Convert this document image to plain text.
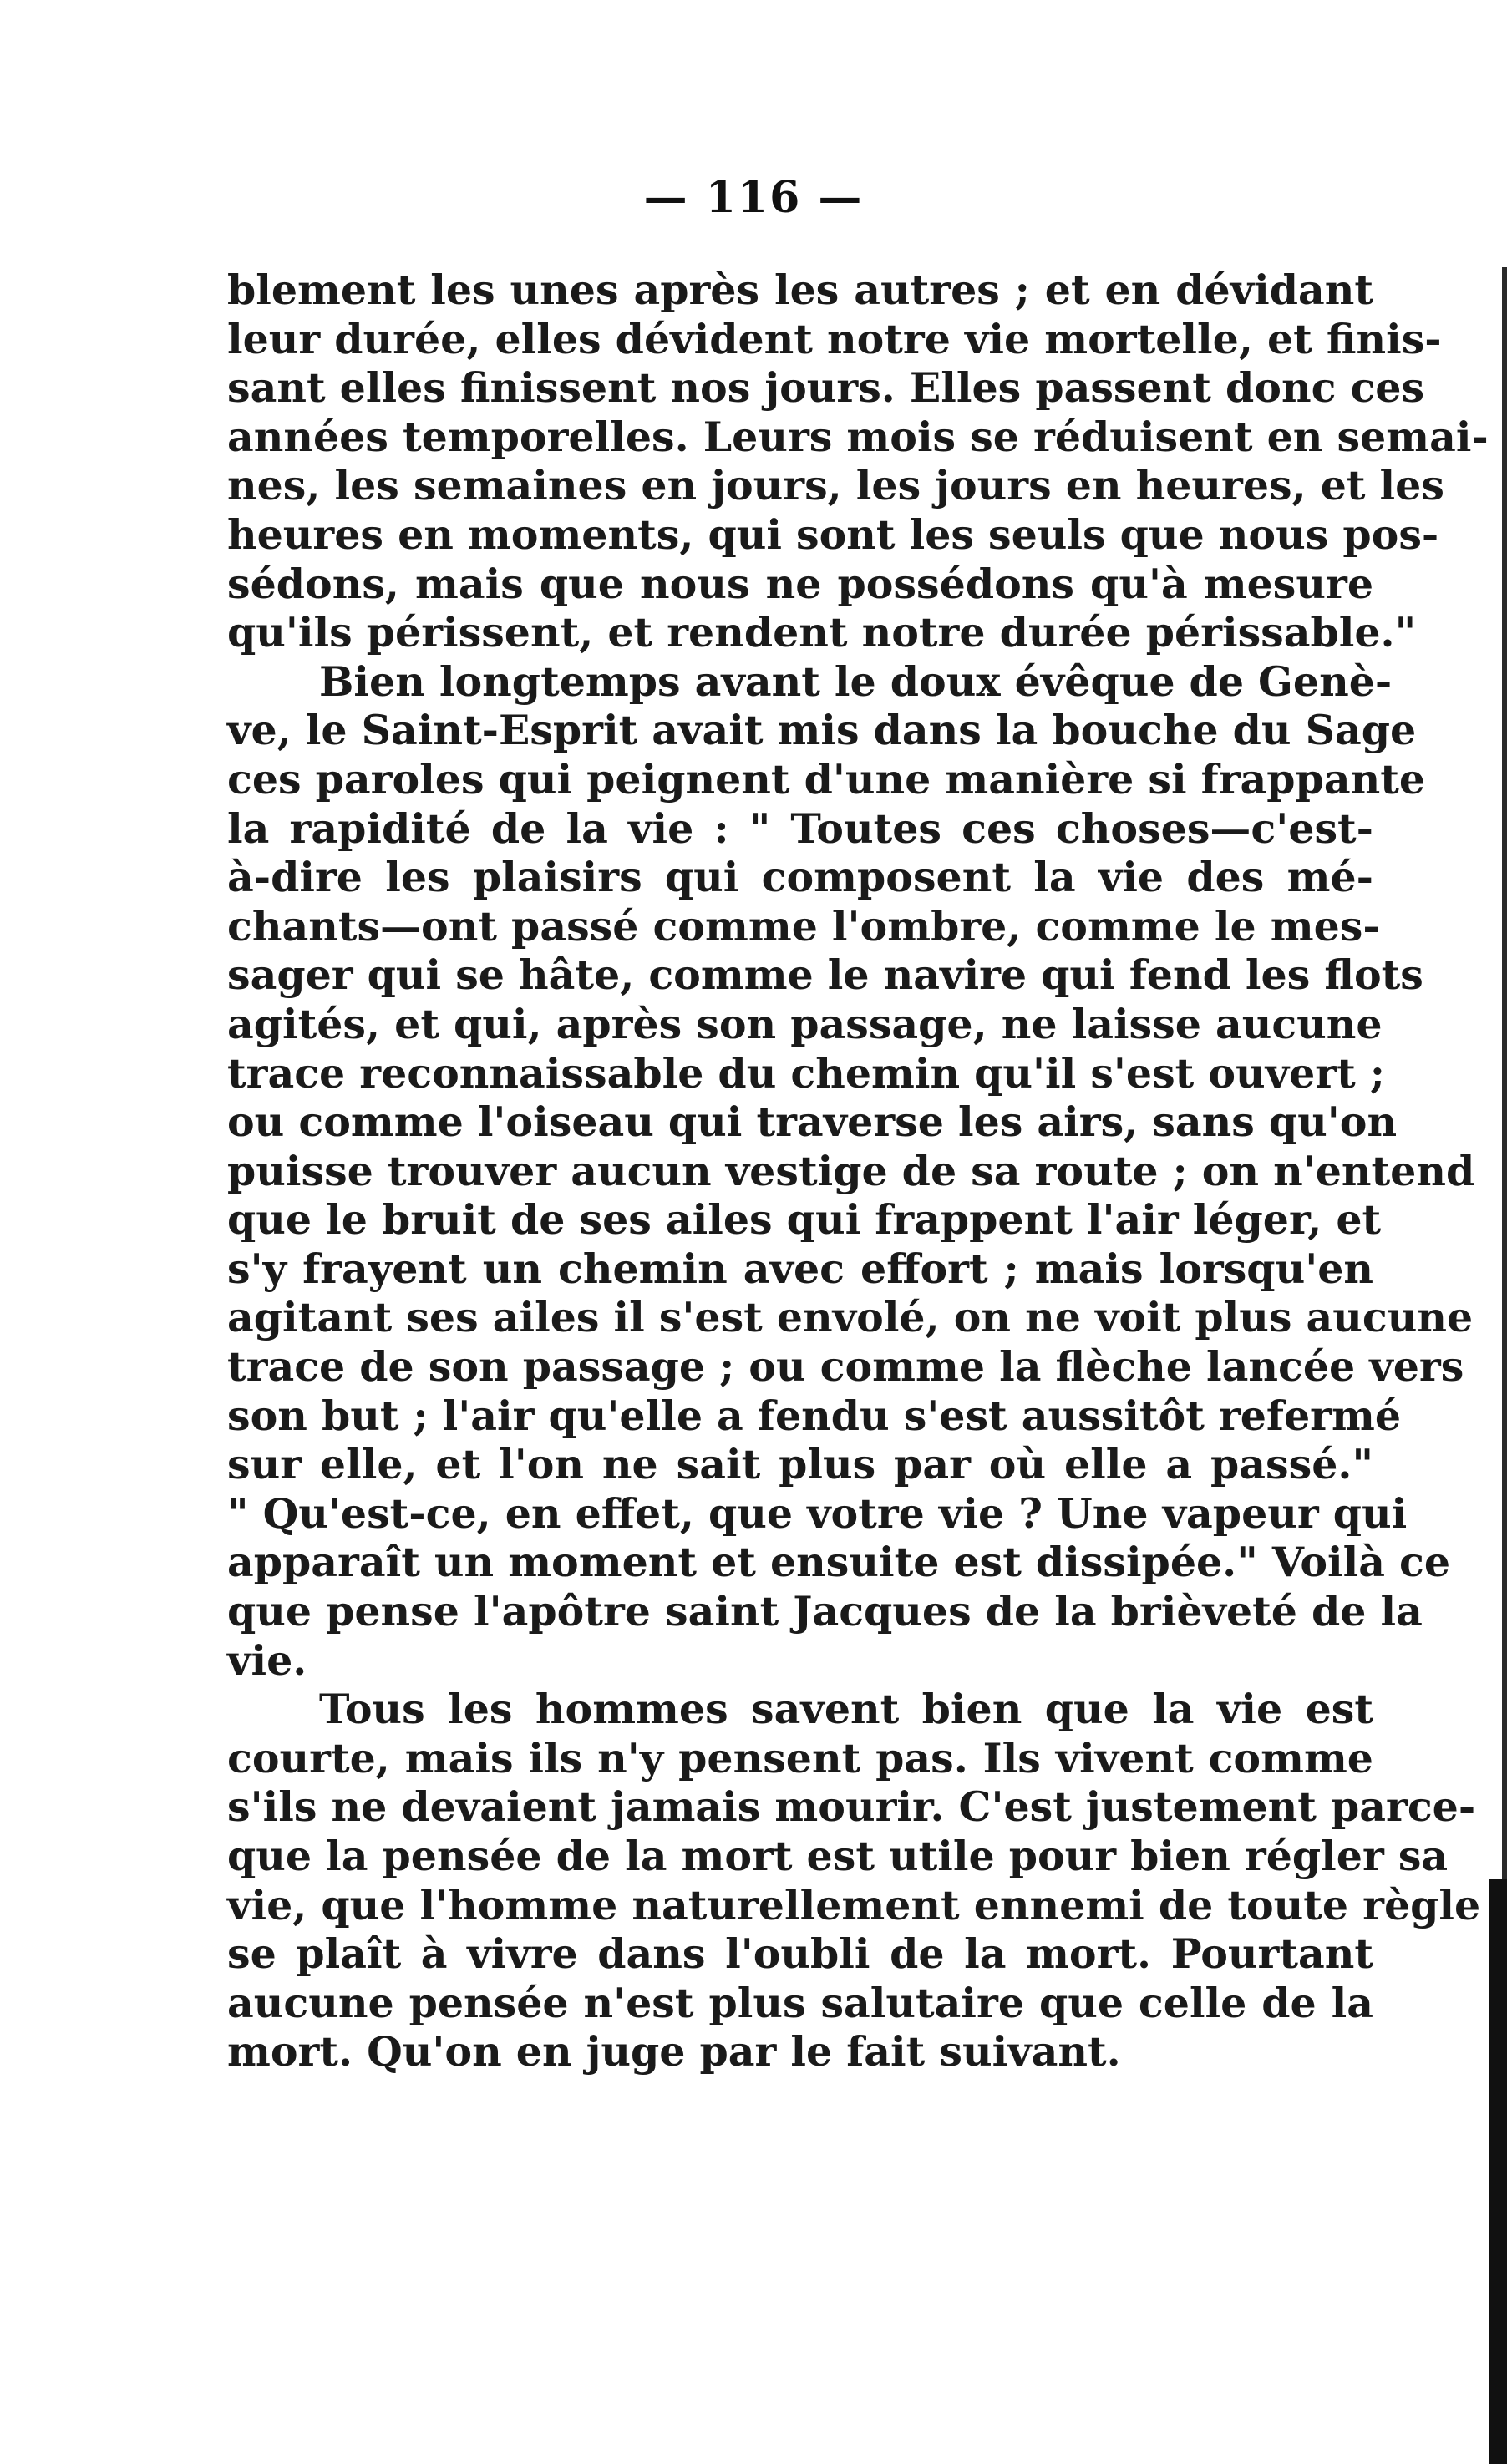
— 116 —
blement les unes après les autres ; et en dévidant
leur durée, elles dévident notre vie mortelle, et finis-
sant elles finissent nos jours. Elles passent donc ces
années temporelles. Leurs mois se réduisent en semai-
nes, les semaines en jours, les jours en heures, et les
heures en moments, qui sont les seuls que nous pos-
sédons, mais que nous ne possédons qu'à mesure
qu'ils périssent, et rendent notre durée périssable."
Bien longtemps avant le doux évêque de Genè-
ve, le Saint-Esprit avait mis dans la bouche du Sage
ces paroles qui peignent d'une manière si frappante
la rapidité de la vie : " Toutes ces choses—c'est-
à-dire les plaisirs qui composent la vie des mé-
chants—ont passé comme l'ombre, comme le mes-
sager qui se hâte, comme le navire qui fend les flots
agités, et qui, après son passage, ne laisse aucune
trace reconnaissable du chemin qu'il s'est ouvert ;
ou comme l'oiseau qui traverse les airs, sans qu'on
puisse trouver aucun vestige de sa route ; on n'entend
que le bruit de ses ailes qui frappent l'air léger, et
s'y frayent un chemin avec effort ; mais lorsqu'en
agitant ses ailes il s'est envolé, on ne voit plus aucune
trace de son passage ; ou comme la flèche lancée vers
son but ; l'air qu'elle a fendu s'est aussitôt refermé
sur elle, et l'on ne sait plus par où elle a passé."
" Qu'est-ce, en effet, que votre vie ? Une vapeur qui
apparaît un moment et ensuite est dissipée." Voilà ce
que pense l'apôtre saint Jacques de la brièveté de la
vie.
Tous les hommes savent bien que la vie est
courte, mais ils n'y pensent pas. Ils vivent comme
s'ils ne devaient jamais mourir. C'est justement parce-
que la pensée de la mort est utile pour bien régler sa
vie, que l'homme naturellement ennemi de toute règle
se plaît à vivre dans l'oubli de la mort. Pourtant
aucune pensée n'est plus salutaire que celle de la
mort. Qu'on en juge par le fait suivant.
